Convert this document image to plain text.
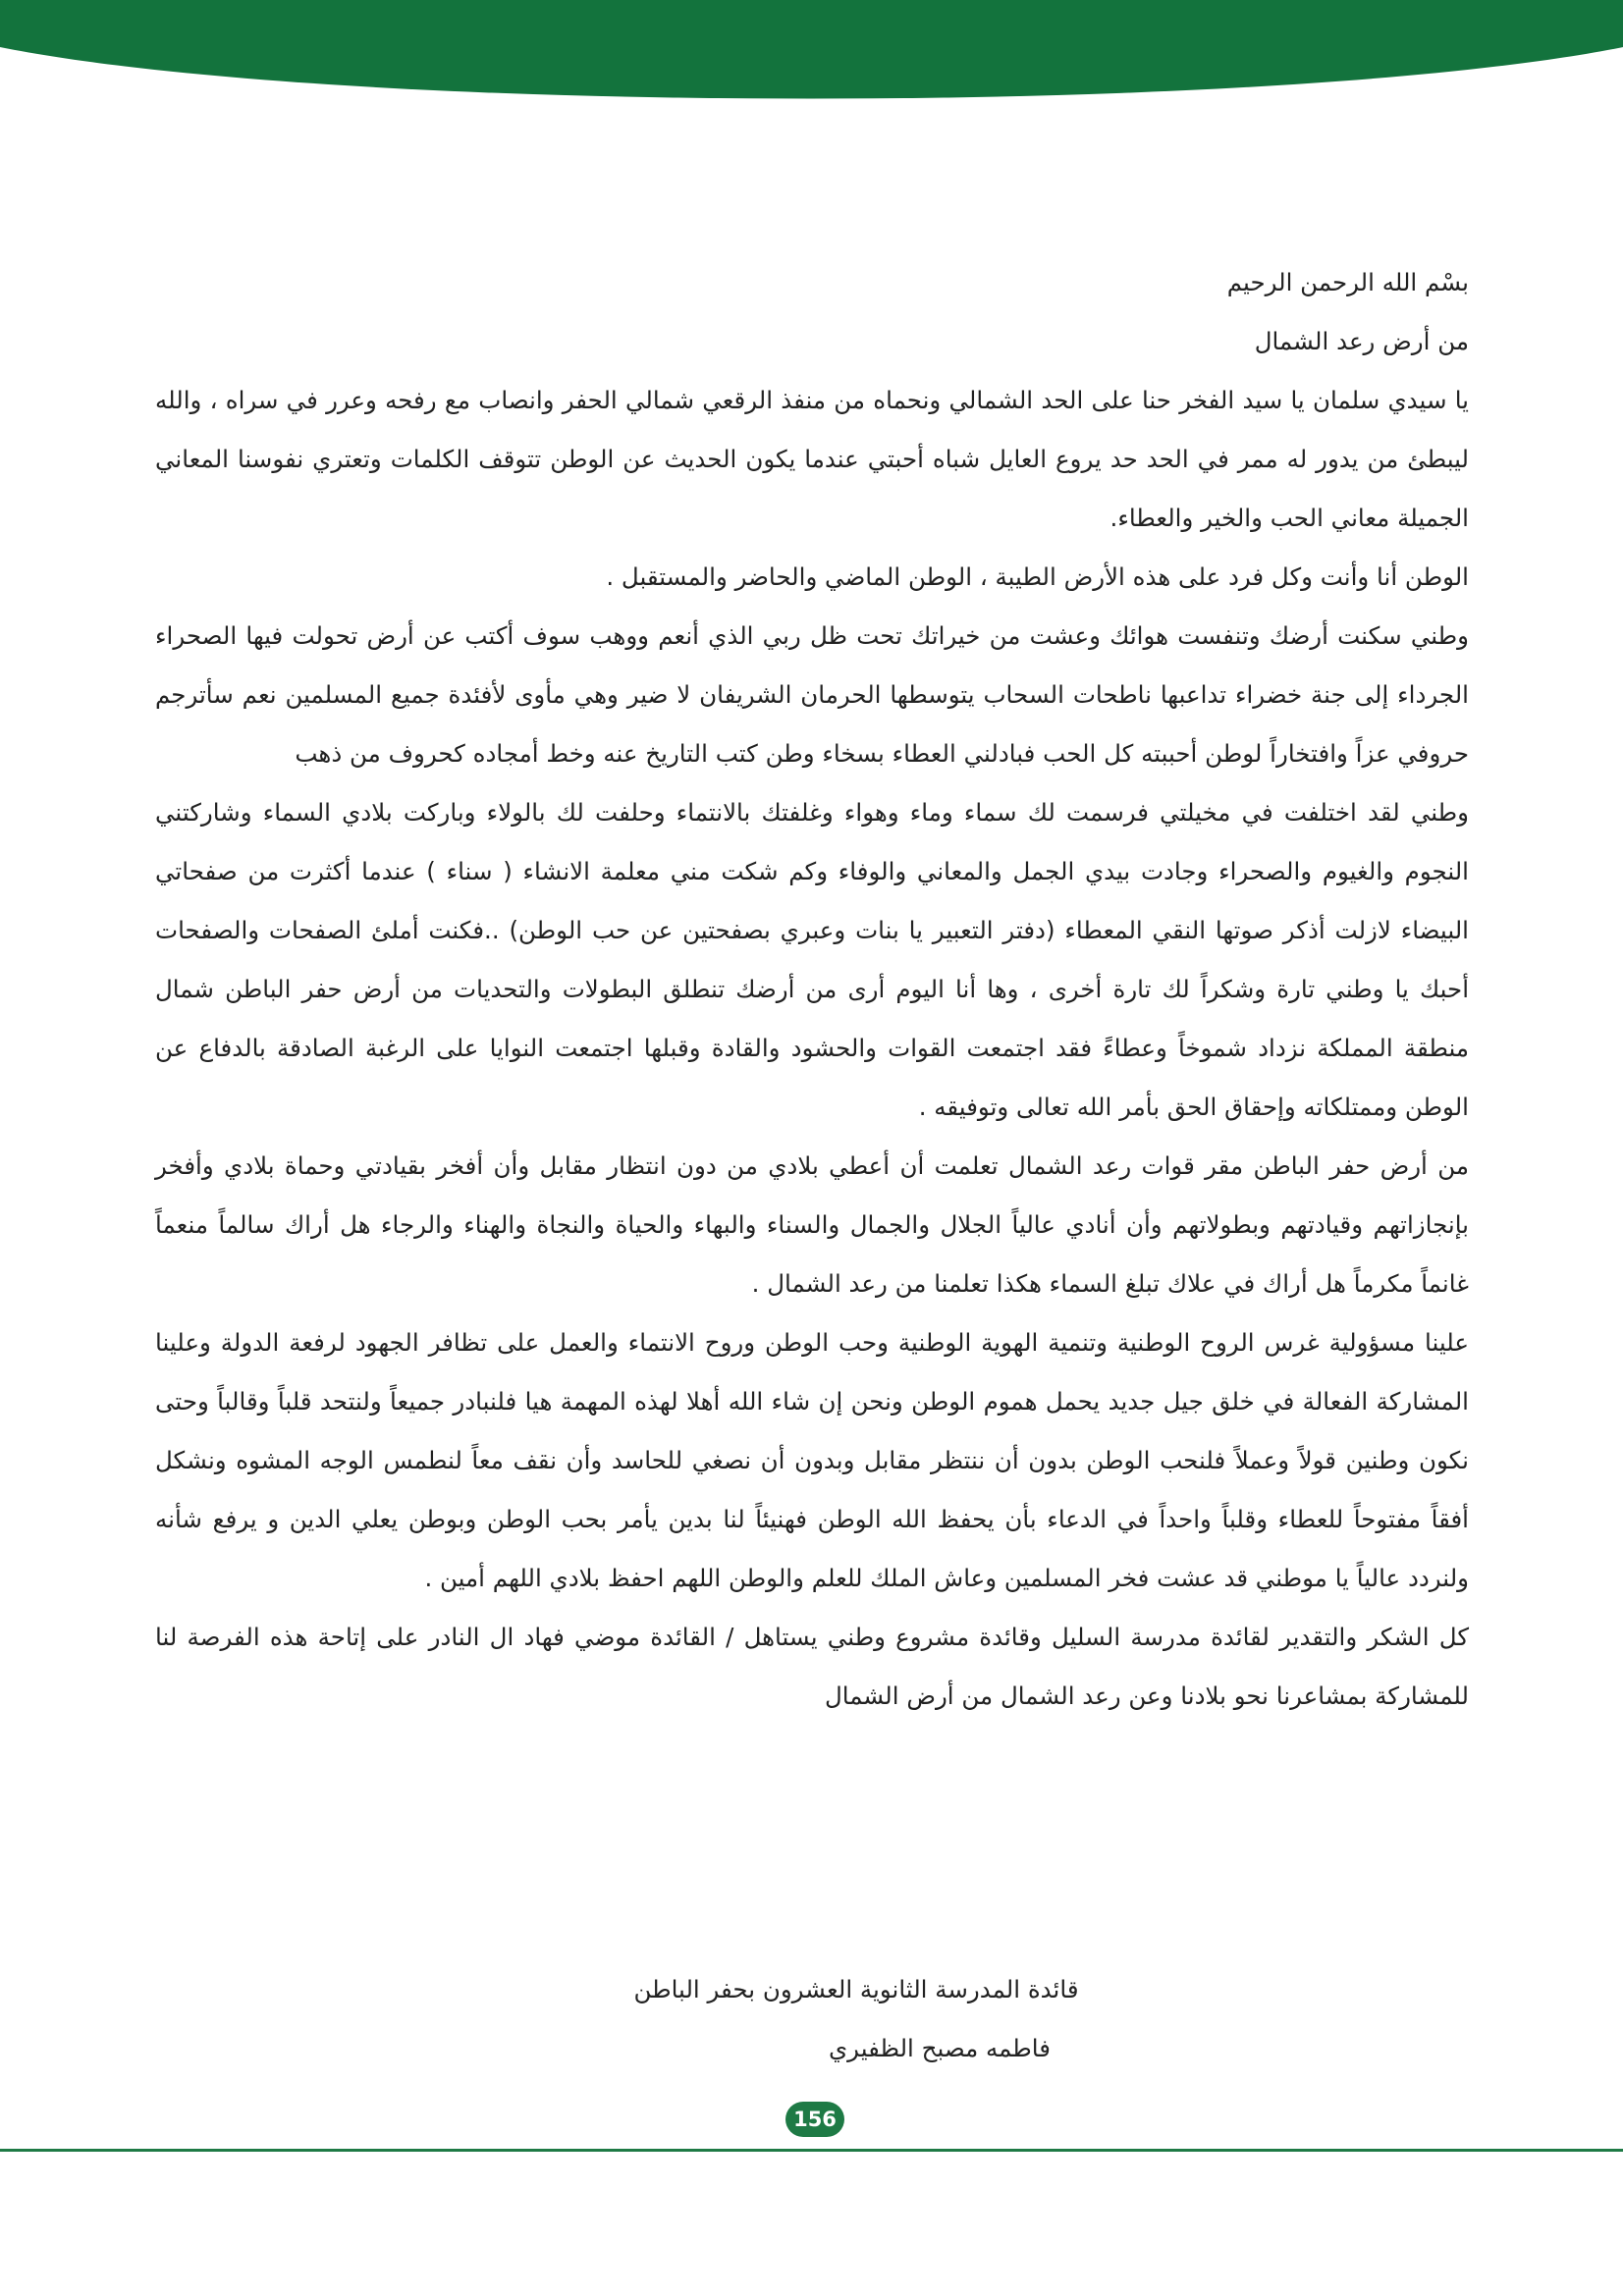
بسْم الله الرحمن الرحيم

من أرض رعد الشمال

يا سيدي سلمان يا سيد الفخر حنا على الحد الشمالي ونحماه من منفذ الرقعي شمالي الحفر وانصاب مع رفحه وعرر في سراه ، والله ليبطئ من يدور له ممر في الحد حد يروع العايل شباه أحبتي عندما يكون الحديث عن الوطن تتوقف الكلمات وتعتري نفوسنا المعاني الجميلة معاني الحب والخير والعطاء.

الوطن أنا وأنت وكل فرد على هذه الأرض الطيبة ، الوطن الماضي والحاضر والمستقبل .

وطني سكنت أرضك وتنفست هوائك وعشت من خيراتك تحت ظل ربي الذي أنعم ووهب سوف أكتب عن أرض تحولت فيها الصحراء الجرداء إلى جنة خضراء تداعبها ناطحات السحاب يتوسطها الحرمان الشريفان لا ضير وهي مأوى لأفئدة جميع المسلمين نعم سأترجم حروفي عزاً وافتخاراً لوطن أحببته كل الحب فبادلني العطاء بسخاء وطن كتب التاريخ عنه وخط أمجاده كحروف من ذهب

وطني لقد اختلفت في مخيلتي فرسمت لك سماء وماء وهواء وغلفتك بالانتماء وحلفت لك بالولاء وباركت بلادي السماء وشاركتني النجوم والغيوم والصحراء وجادت بيدي الجمل والمعاني والوفاء وكم شكت مني معلمة الانشاء ( سناء ) عندما أكثرت من صفحاتي البيضاء لازلت أذكر صوتها النقي المعطاء (دفتر التعبير يا بنات وعبري بصفحتين عن حب الوطن) ..فكنت أملئ الصفحات والصفحات أحبك يا وطني تارة وشكراً لك تارة أخرى ، وها أنا اليوم أرى من أرضك تنطلق البطولات والتحديات من أرض حفر الباطن شمال منطقة المملكة نزداد شموخاً وعطاءً فقد اجتمعت القوات والحشود والقادة وقبلها اجتمعت النوايا على الرغبة الصادقة بالدفاع عن الوطن وممتلكاته وإحقاق الحق بأمر الله تعالى وتوفيقه .

من أرض حفر الباطن مقر قوات رعد الشمال تعلمت أن أعطي بلادي من دون انتظار مقابل وأن أفخر بقيادتي وحماة بلادي وأفخر بإنجازاتهم وقيادتهم وبطولاتهم وأن أنادي عالياً الجلال والجمال والسناء والبهاء والحياة والنجاة والهناء والرجاء هل أراك سالماً منعماً غانماً مكرماً هل أراك في علاك تبلغ السماء هكذا تعلمنا من رعد الشمال .

علينا مسؤولية غرس الروح الوطنية وتنمية الهوية الوطنية وحب الوطن وروح الانتماء والعمل على تظافر الجهود لرفعة الدولة وعلينا المشاركة الفعالة في خلق جيل جديد يحمل هموم الوطن ونحن إن شاء الله أهلا لهذه المهمة هيا فلنبادر جميعاً ولنتحد قلباً وقالباً وحتى نكون وطنين قولاً وعملاً فلنحب الوطن بدون أن ننتظر مقابل وبدون أن نصغي للحاسد وأن نقف معاً لنطمس الوجه المشوه ونشكل أفقاً مفتوحاً للعطاء وقلباً واحداً في الدعاء بأن يحفظ الله الوطن فهنيئاً لنا بدين يأمر بحب الوطن وبوطن يعلي الدين و يرفع شأنه ولنردد عالياً يا موطني قد عشت فخر المسلمين وعاش الملك للعلم والوطن اللهم احفظ بلادي اللهم أمين .

كل الشكر والتقدير لقائدة مدرسة السليل وقائدة مشروع وطني يستاهل / القائدة موضي فهاد ال النادر على إتاحة هذه الفرصة لنا للمشاركة بمشاعرنا نحو بلادنا وعن رعد الشمال من أرض الشمال

قائدة المدرسة الثانوية العشرون بحفر الباطن

فاطمه مصبح الظفيري

156
